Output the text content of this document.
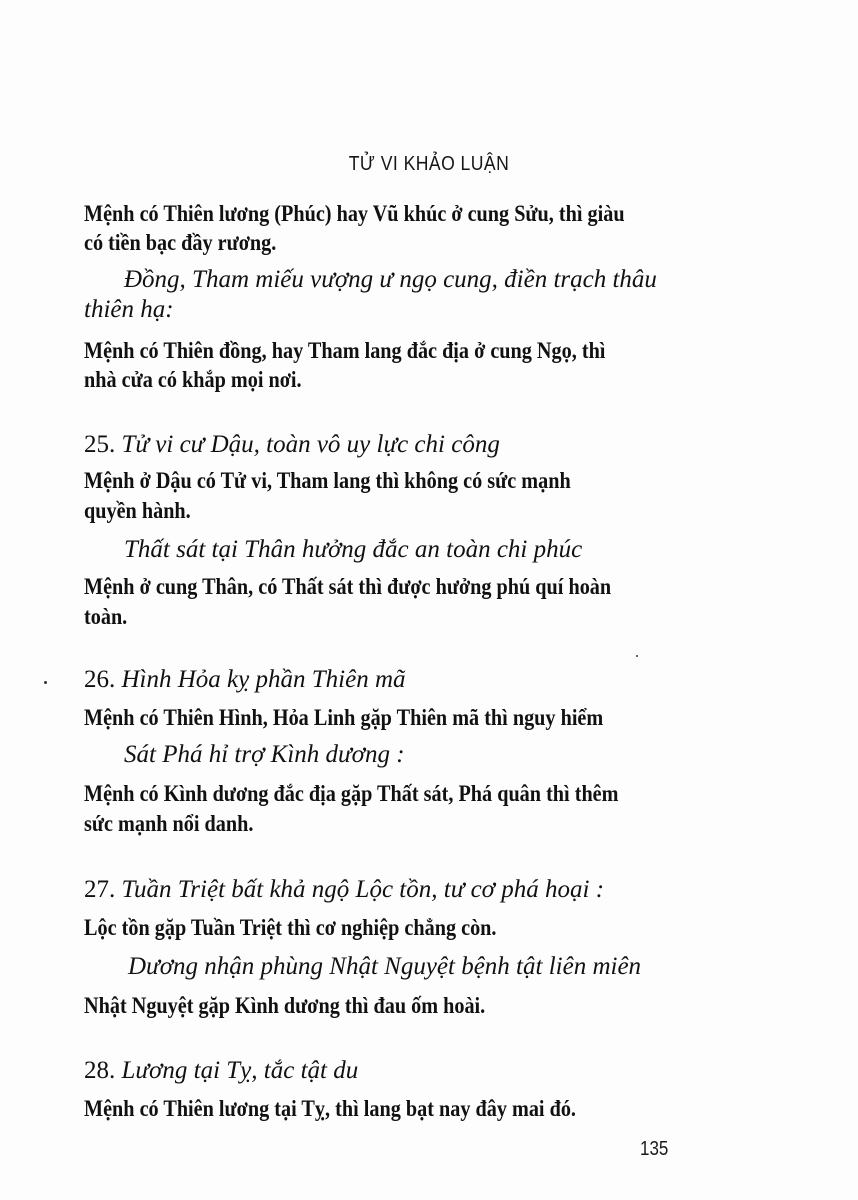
TỬ VI KHẢO LUẬN
Mệnh có Thiên lương (Phúc) hay Vũ khúc ở cung Sửu, thì giàu
có tiền bạc đầy rương.
Đồng, Tham miếu vượng ư ngọ cung, điền trạch thâu
thiên hạ:
Mệnh có Thiên đồng, hay Tham lang đắc địa ở cung Ngọ, thì
nhà cửa có khắp mọi nơi.
25. Tử vi cư Dậu, toàn vô uy lực chi công
Mệnh ở Dậu có Tử vi, Tham lang thì không có sức mạnh
quyền hành.
Thất sát tại Thân hưởng đắc an toàn chi phúc
Mệnh ở cung Thân, có Thất sát thì được hưởng phú quí hoàn
toàn.
26. Hình Hỏa kỵ phần Thiên mã
Mệnh có Thiên Hình, Hỏa Linh gặp Thiên mã thì nguy hiểm
Sát Phá hỉ trợ Kình dương :
Mệnh có Kình dương đắc địa gặp Thất sát, Phá quân thì thêm
sức mạnh nổi danh.
27. Tuần Triệt bất khả ngộ Lộc tồn, tư cơ phá hoại :
Lộc tồn gặp Tuần Triệt thì cơ nghiệp chẳng còn.
Dương nhận phùng Nhật Nguyệt bệnh tật liên miên
Nhật Nguyệt gặp Kình dương thì đau ốm hoài.
28. Lương tại Tỵ, tắc tật du
Mệnh có Thiên lương tại Tỵ, thì lang bạt nay đây mai đó.
135
